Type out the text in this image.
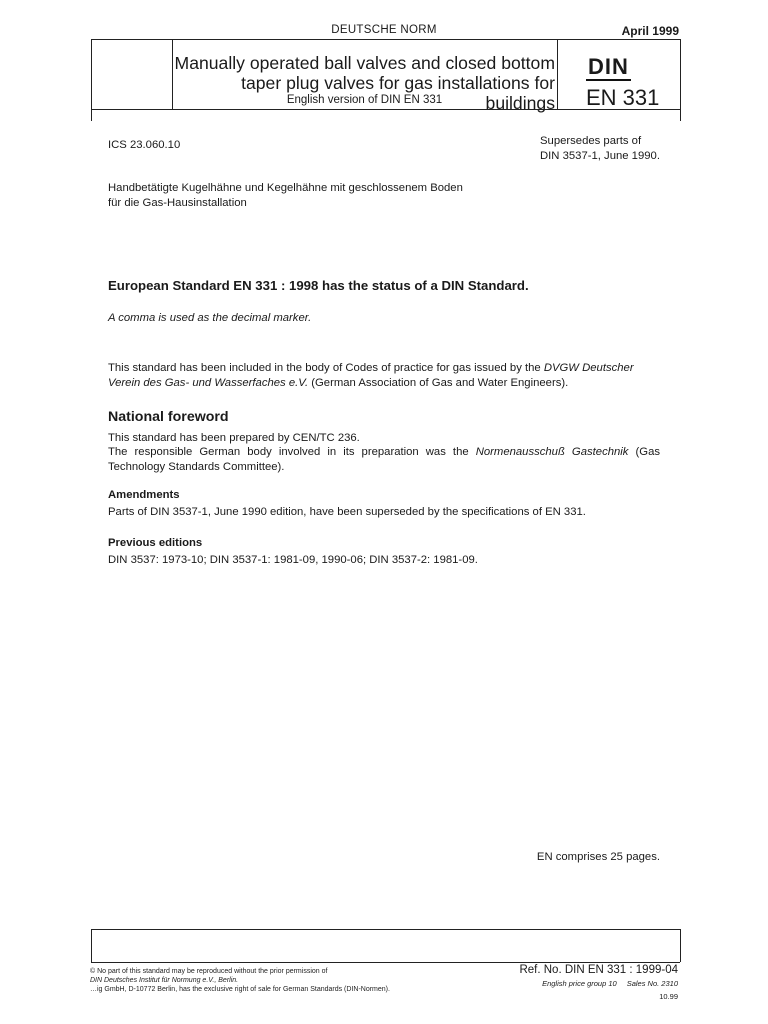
DEUTSCHE NORM	April 1999
Manually operated ball valves and closed bottom
taper plug valves for gas installations for buildings
English version of DIN EN 331
DIN
EN 331
ICS 23.060.10	Supersedes parts of
DIN 3537-1, June 1990.
Handbetätigte Kugelhähne und Kegelhähne mit geschlossenem Boden
für die Gas-Hausinstallation
European Standard EN 331 : 1998 has the status of a DIN Standard.
A comma is used as the decimal marker.
This standard has been included in the body of Codes of practice for gas issued by the DVGW Deutscher Verein des Gas- und Wasserfaches e.V. (German Association of Gas and Water Engineers).
National foreword
This standard has been prepared by CEN/TC 236.
The responsible German body involved in its preparation was the Normenausschuß Gastechnik (Gas Technology Standards Committee).
Amendments
Parts of DIN 3537-1, June 1990 edition, have been superseded by the specifications of EN 331.
Previous editions
DIN 3537: 1973-10; DIN 3537-1: 1981-09, 1990-06; DIN 3537-2: 1981-09.
EN comprises 25 pages.
© No part of this standard may be reproduced without the prior permission of
DIN Deutsches Institut für Normung e.V., Berlin.
…ig GmbH, D-10772 Berlin, has the exclusive right of sale for German Standards (DIN-Normen).
Ref. No. DIN EN 331 : 1999-04
English price group 10 Sales No. 2310
10.99
